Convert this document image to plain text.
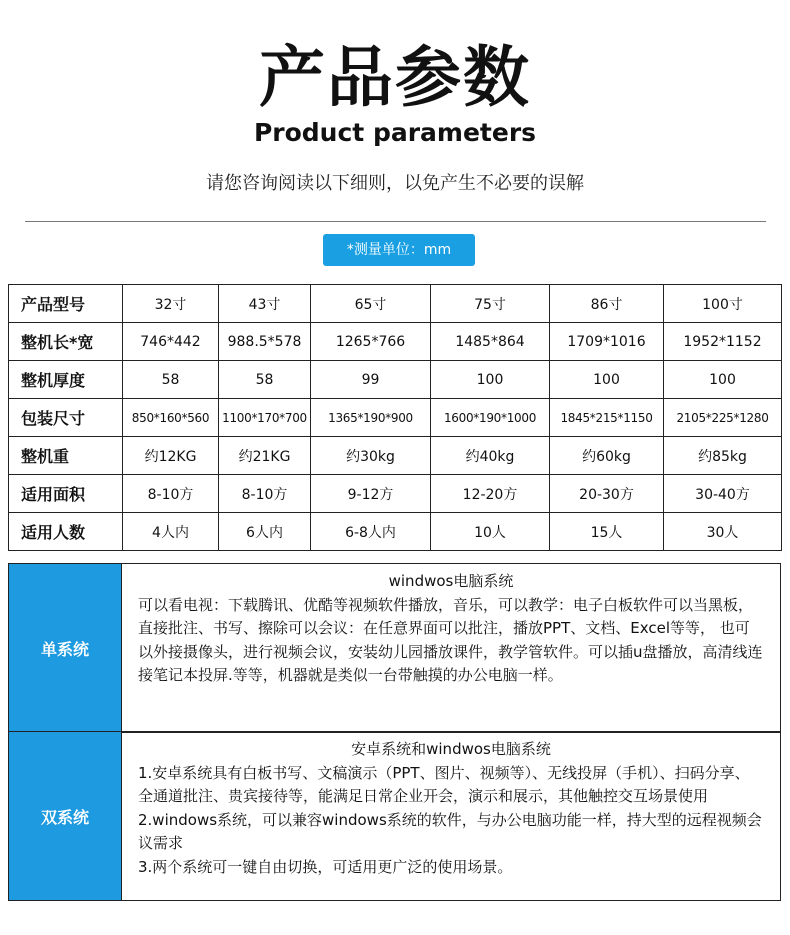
产品参数
Product parameters
请您咨询阅读以下细则，以免产生不必要的误解
*测量单位：mm
产品型号	32寸	43寸	65寸	75寸	86寸	100寸
整机长*宽	746*442	988.5*578	1265*766	1485*864	1709*1016	1952*1152
整机厚度	58	58	99	100	100	100
包装尺寸	850*160*560	1100*170*700	1365*190*900	1600*190*1000	1845*215*1150	2105*225*1280
整机重	约12KG	约21KG	约30kg	约40kg	约60kg	约85kg
适用面积	8-10方	8-10方	9-12方	12-20方	20-30方	30-40方
适用人数	4人内	6人内	6-8人内	10人	15人	30人
单系统
windwos电脑系统
可以看电视：下载腾讯、优酷等视频软件播放，音乐，可以教学：电子白板软件可以当黑板，直接批注、书写、擦除可以会议：在任意界面可以批注，播放PPT、文档、Excel等等， 也可以外接摄像头，进行视频会议，安装幼儿园播放课件，教学管软件。可以插u盘播放，高清线连接笔记本投屏.等等，机器就是类似一台带触摸的办公电脑一样。
双系统
安卓系统和windwos电脑系统
1.安卓系统具有白板书写、文稿演示（PPT、图片、视频等）、无线投屏（手机）、扫码分享、全通道批注、贵宾接待等，能满足日常企业开会，演示和展示，其他触控交互场景使用
2.windows系统，可以兼容windows系统的软件，与办公电脑功能一样，持大型的远程视频会议需求
3.两个系统可一键自由切换，可适用更广泛的使用场景。
